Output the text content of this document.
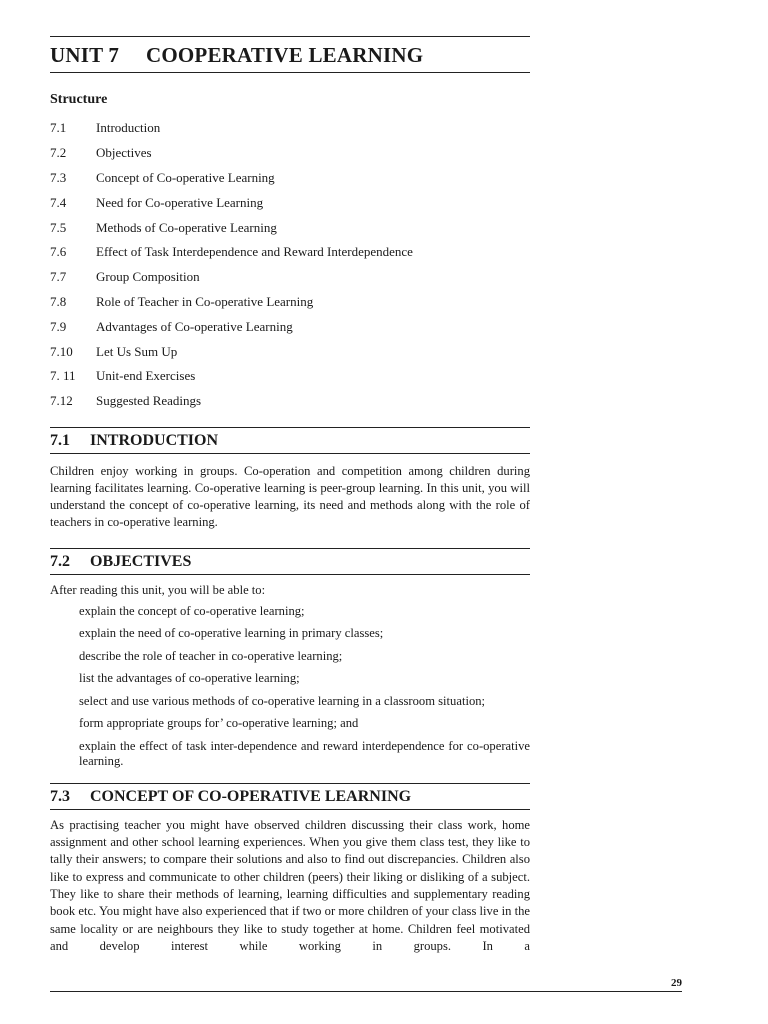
UNIT 7 COOPERATIVE LEARNING
Structure
7.1	Introduction
7.2	Objectives
7.3	Concept of Co-operative Learning
7.4	Need for Co-operative Learning
7.5	Methods of Co-operative Learning
7.6	Effect of Task Interdependence and Reward Interdependence
7.7	Group Composition
7.8	Role of Teacher in Co-operative Learning
7.9	Advantages of Co-operative Learning
7.10	Let Us Sum Up
7. 11	Unit-end Exercises
7.12	Suggested Readings
7.1 INTRODUCTION

Children enjoy working in groups. Co-operation and competition among children during learning facilitates learning. Co-operative learning is peer-group learning. In this unit, you will understand the concept of co-operative learning, its need and methods along with the role of teachers in co-operative learning.

7.2 OBJECTIVES
After reading this unit, you will be able to:
explain the concept of co-operative learning;
explain the need of co-operative learning in primary classes;
describe the role of teacher in co-operative learning;
list the advantages of co-operative learning;
select and use various methods of co-operative learning in a classroom situation;
form appropriate groups for’ co-operative learning; and
explain the effect of task inter-dependence and reward interdependence for co-operative learning.
7.3 CONCEPT OF CO-OPERATIVE LEARNING

As practising teacher you might have observed children discussing their class work, home assignment and other school learning experiences. When you give them class test, they like to tally their answers; to compare their solutions and also to find out discrepancies. Children also like to express and communicate to other children (peers) their liking or disliking of a subject. They like to share their methods of learning, learning difficulties and supplementary reading book etc. You might have also experienced that if two or more children of your class live in the same locality or are neighbours they like to study together at home. Children feel motivated and develop interest while working in groups. In a

29
